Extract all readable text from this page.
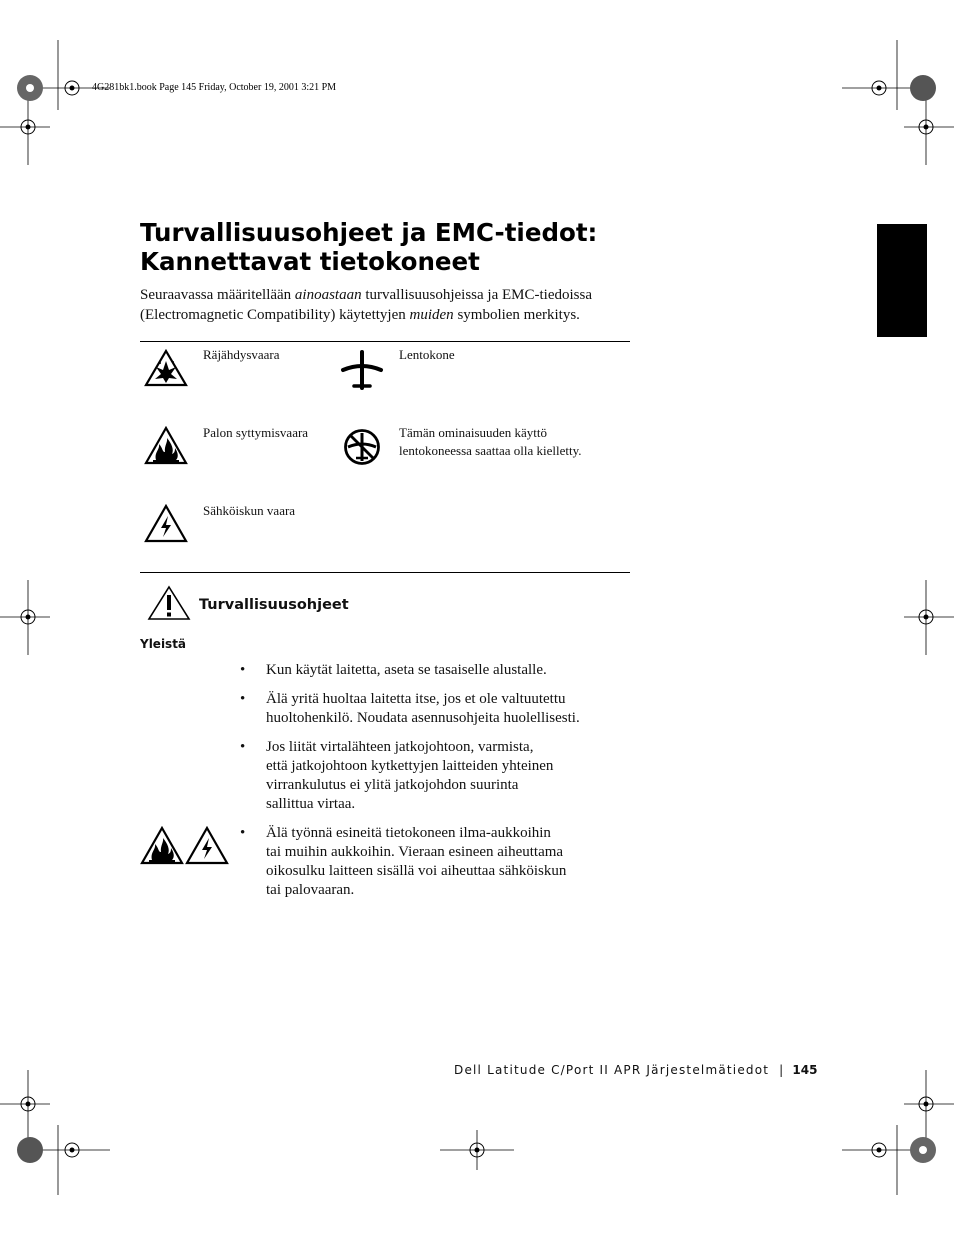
4G281bk1.book Page 145 Friday, October 19, 2001 3:21 PM
Turvallisuusohjeet ja EMC-tiedot:
Kannettavat tietokoneet
Seuraavassa määritellään ainoastaan turvallisuusohjeissa ja EMC-tiedoissa
(Electromagnetic Compatibility) käytettyjen muiden symbolien merkitys.
Räjähdysvaara	Lentokone
Palon syttymisvaara	Tämän ominaisuuden käyttö
lentokoneessa saattaa olla kielletty.
Sähköiskun vaara
Turvallisuusohjeet
Yleistä
• Kun käytät laitetta, aseta se tasaiselle alustalle.
• Älä yritä huoltaa laitetta itse, jos et ole valtuutettu
huoltohenkilö. Noudata asennusohjeita huolellisesti.
• Jos liität virtalähteen jatkojohtoon, varmista,
että jatkojohtoon kytkettyjen laitteiden yhteinen
virrankulutus ei ylitä jatkojohdon suurinta
sallittua virtaa.
• Älä työnnä esineitä tietokoneen ilma-aukkoihin
tai muihin aukkoihin. Vieraan esineen aiheuttama
oikosulku laitteen sisällä voi aiheuttaa sähköiskun
tai palovaaran.
Dell Latitude C/Port II APR Järjestelmätiedot | 145
